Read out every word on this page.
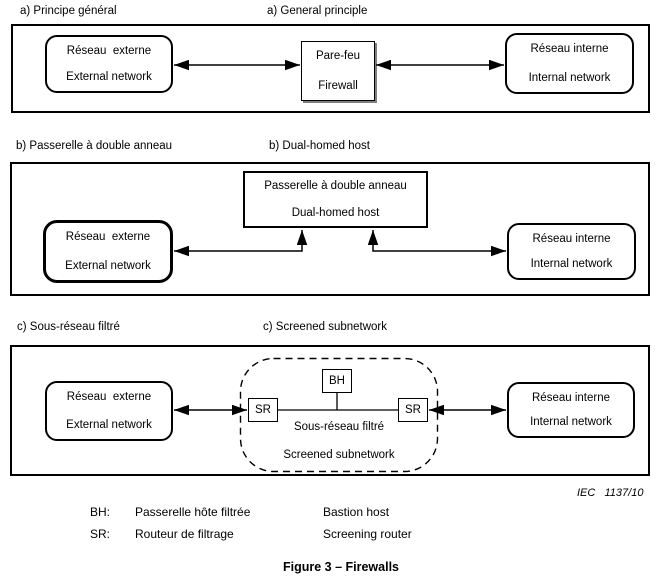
a) Principe général	a) General principle
Réseau  externe
External network
Pare-feu
Firewall
Réseau interne
Internal network
b) Passerelle à double anneau	b) Dual-homed host
Passerelle à double anneau
Dual-homed host
Réseau  externe
External network
Réseau interne
Internal network
c) Sous-réseau filtré	c) Screened subnetwork
Réseau  externe
External network
Réseau interne
Internal network
BH
SR	SR
Sous-réseau filtré
Screened subnetwork
IEC   1137/10
BH: Passerelle hôte filtrée	Bastion host
SR: Routeur de filtrage	Screening router
Figure 3 – Firewalls
